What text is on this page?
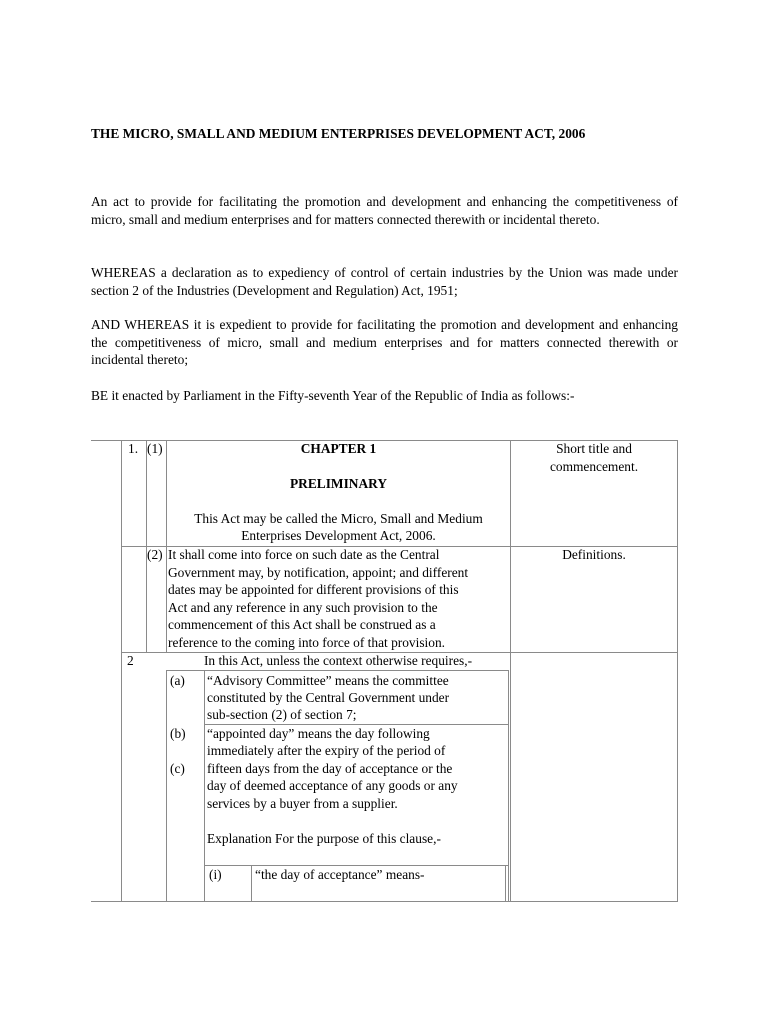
THE MICRO, SMALL AND MEDIUM ENTERPRISES DEVELOPMENT ACT, 2006

An act to provide for facilitating the promotion and development and enhancing the competitiveness of micro, small and medium enterprises and for matters connected therewith or incidental thereto.

WHEREAS a declaration as to expediency of control of certain industries by the Union was made under section 2 of the Industries (Development and Regulation) Act, 1951;

AND WHEREAS it is expedient to provide for facilitating the promotion and development and enhancing the competitiveness of micro, small and medium enterprises and for matters connected therewith or incidental thereto;

BE it enacted by Parliament in the Fifty-seventh Year of the Republic of India as follows:-

1. (1)	CHAPTER 1
PRELIMINARY
This Act may be called the Micro, Small and Medium
Enterprises Development Act, 2006.
Short title and
commencement.
(2) It shall come into force on such date as the Central
Government may, by notification, appoint; and different
dates may be appointed for different provisions of this
Act and any reference in any such provision to the
commencement of this Act shall be construed as a
reference to the coming into force of that provision.
Definitions.
2	In this Act, unless the context otherwise requires,-
(a) “Advisory Committee” means the committee
constituted by the Central Government under
sub-section (2) of section 7;
(b)
(c)
“appointed day” means the day following
immediately after the expiry of the period of
fifteen days from the day of acceptance or the
day of deemed acceptance of any goods or any
services by a buyer from a supplier.
Explanation For the purpose of this clause,-
(i) “the day of acceptance” means-
